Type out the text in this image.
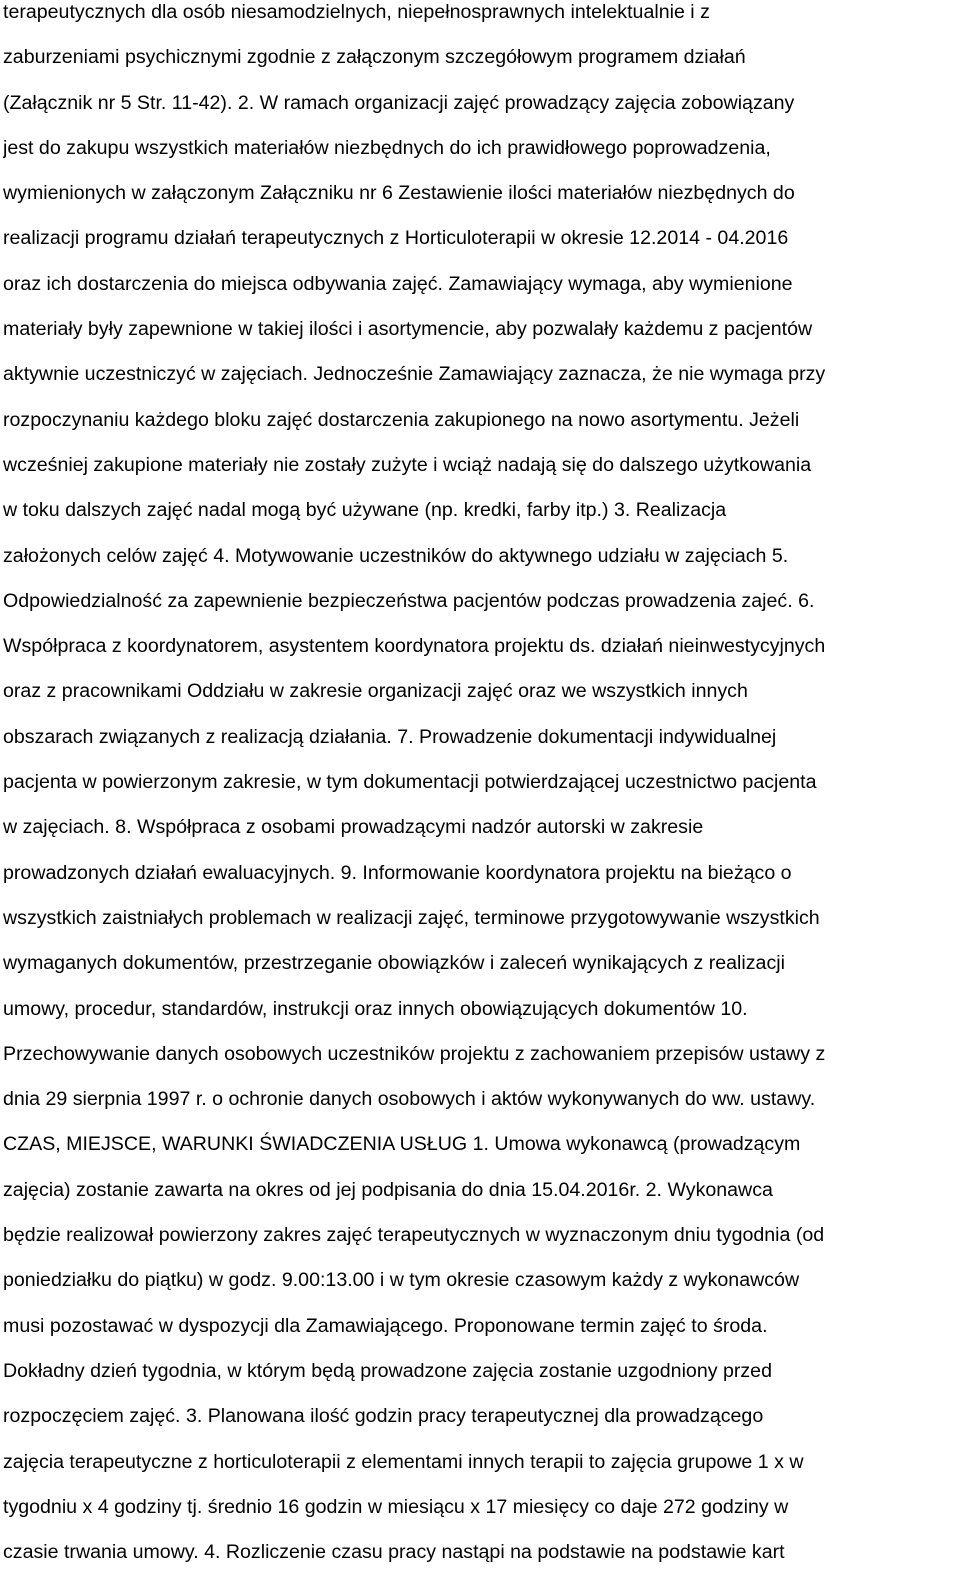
terapeutycznych dla osób niesamodzielnych, niepełnosprawnych intelektualnie i z
zaburzeniami psychicznymi zgodnie z załączonym szczegółowym programem działań
(Załącznik nr 5 Str. 11-42). 2. W ramach organizacji zajęć prowadzący zajęcia zobowiązany
jest do zakupu wszystkich materiałów niezbędnych do ich prawidłowego poprowadzenia,
wymienionych w załączonym Załączniku nr 6 Zestawienie ilości materiałów niezbędnych do
realizacji programu działań terapeutycznych z Horticuloterapii w okresie 12.2014 - 04.2016
oraz ich dostarczenia do miejsca odbywania zajęć. Zamawiający wymaga, aby wymienione
materiały były zapewnione w takiej ilości i asortymencie, aby pozwalały każdemu z pacjentów
aktywnie uczestniczyć w zajęciach. Jednocześnie Zamawiający zaznacza, że nie wymaga przy
rozpoczynaniu każdego bloku zajęć dostarczenia zakupionego na nowo asortymentu. Jeżeli
wcześniej zakupione materiały nie zostały zużyte i wciąż nadają się do dalszego użytkowania
w toku dalszych zajęć nadal mogą być używane (np. kredki, farby itp.) 3. Realizacja
założonych celów zajęć 4. Motywowanie uczestników do aktywnego udziału w zajęciach 5.
Odpowiedzialność za zapewnienie bezpieczeństwa pacjentów podczas prowadzenia zajeć. 6.
Współpraca z koordynatorem, asystentem koordynatora projektu ds. działań nieinwestycyjnych
oraz z pracownikami Oddziału w zakresie organizacji zajęć oraz we wszystkich innych
obszarach związanych z realizacją działania. 7. Prowadzenie dokumentacji indywidualnej
pacjenta w powierzonym zakresie, w tym dokumentacji potwierdzającej uczestnictwo pacjenta
w zajęciach. 8. Współpraca z osobami prowadzącymi nadzór autorski w zakresie
prowadzonych działań ewaluacyjnych. 9. Informowanie koordynatora projektu na bieżąco o
wszystkich zaistniałych problemach w realizacji zajęć, terminowe przygotowywanie wszystkich
wymaganych dokumentów, przestrzeganie obowiązków i zaleceń wynikających z realizacji
umowy, procedur, standardów, instrukcji oraz innych obowiązujących dokumentów 10.
Przechowywanie danych osobowych uczestników projektu z zachowaniem przepisów ustawy z
dnia 29 sierpnia 1997 r. o ochronie danych osobowych i aktów wykonywanych do ww. ustawy.
CZAS, MIEJSCE, WARUNKI ŚWIADCZENIA USŁUG 1. Umowa wykonawcą (prowadzącym
zajęcia) zostanie zawarta na okres od jej podpisania do dnia 15.04.2016r. 2. Wykonawca
będzie realizował powierzony zakres zajęć terapeutycznych w wyznaczonym dniu tygodnia (od
poniedziałku do piątku) w godz. 9.00:13.00 i w tym okresie czasowym każdy z wykonawców
musi pozostawać w dyspozycji dla Zamawiającego. Proponowane termin zajęć to środa.
Dokładny dzień tygodnia, w którym będą prowadzone zajęcia zostanie uzgodniony przed
rozpoczęciem zajęć. 3. Planowana ilość godzin pracy terapeutycznej dla prowadzącego
zajęcia terapeutyczne z horticuloterapii z elementami innych terapii to zajęcia grupowe 1 x w
tygodniu x 4 godziny tj. średnio 16 godzin w miesiącu x 17 miesięcy co daje 272 godziny w
czasie trwania umowy. 4. Rozliczenie czasu pracy nastąpi na podstawie na podstawie kart
